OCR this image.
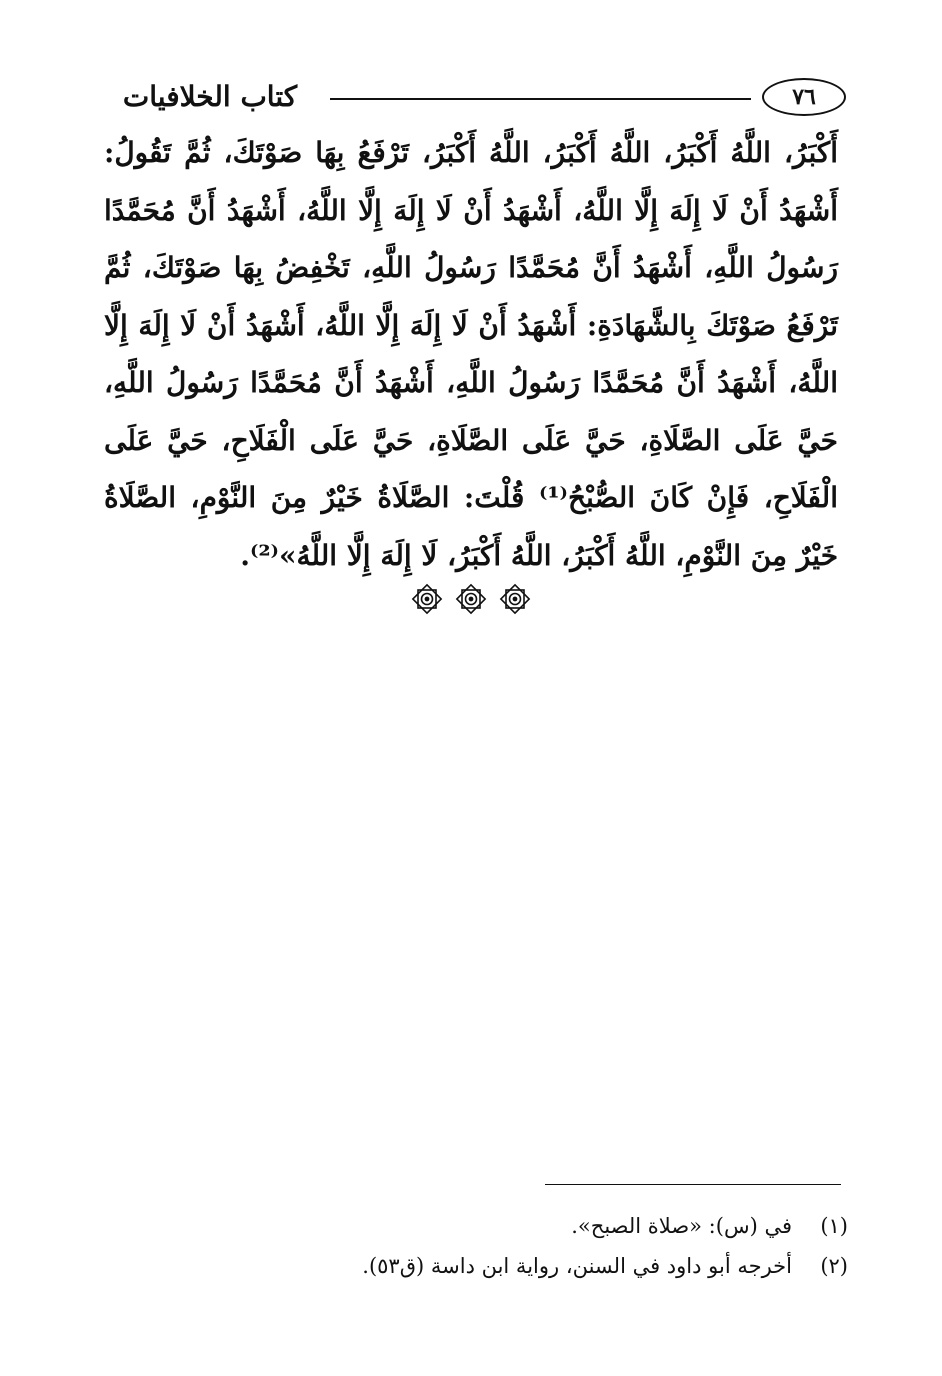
كتاب الخلافيات	٧٦

أَكْبَرُ، اللَّهُ أَكْبَرُ، اللَّهُ أَكْبَرُ، اللَّهُ أَكْبَرُ، تَرْفَعُ بِهَا صَوْتَكَ، ثُمَّ تَقُولُ: أَشْهَدُ أَنْ لَا إِلَهَ إِلَّا اللَّهُ، أَشْهَدُ أَنْ لَا إِلَهَ إِلَّا اللَّهُ، أَشْهَدُ أَنَّ مُحَمَّدًا رَسُولُ اللَّهِ، أَشْهَدُ أَنَّ مُحَمَّدًا رَسُولُ اللَّهِ، تَخْفِضُ بِهَا صَوْتَكَ، ثُمَّ تَرْفَعُ صَوْتَكَ بِالشَّهَادَةِ: أَشْهَدُ أَنْ لَا إِلَهَ إِلَّا اللَّهُ، أَشْهَدُ أَنْ لَا إِلَهَ إِلَّا اللَّهُ، أَشْهَدُ أَنَّ مُحَمَّدًا رَسُولُ اللَّهِ، أَشْهَدُ أَنَّ مُحَمَّدًا رَسُولُ اللَّهِ، حَيَّ عَلَى الصَّلَاةِ، حَيَّ عَلَى الصَّلَاةِ، حَيَّ عَلَى الْفَلَاحِ، حَيَّ عَلَى الْفَلَاحِ، فَإِنْ كَانَ الصُّبْحُ⁽¹⁾ قُلْتَ: الصَّلَاةُ خَيْرٌ مِنَ النَّوْمِ، الصَّلَاةُ خَيْرٌ مِنَ النَّوْمِ، اللَّهُ أَكْبَرُ، اللَّهُ أَكْبَرُ، لَا إِلَهَ إِلَّا اللَّهُ»⁽²⁾.

(١)
في (س): «صلاة الصبح».
(٢)
أخرجه أبو داود في السنن، رواية ابن داسة (ق٥٣).
